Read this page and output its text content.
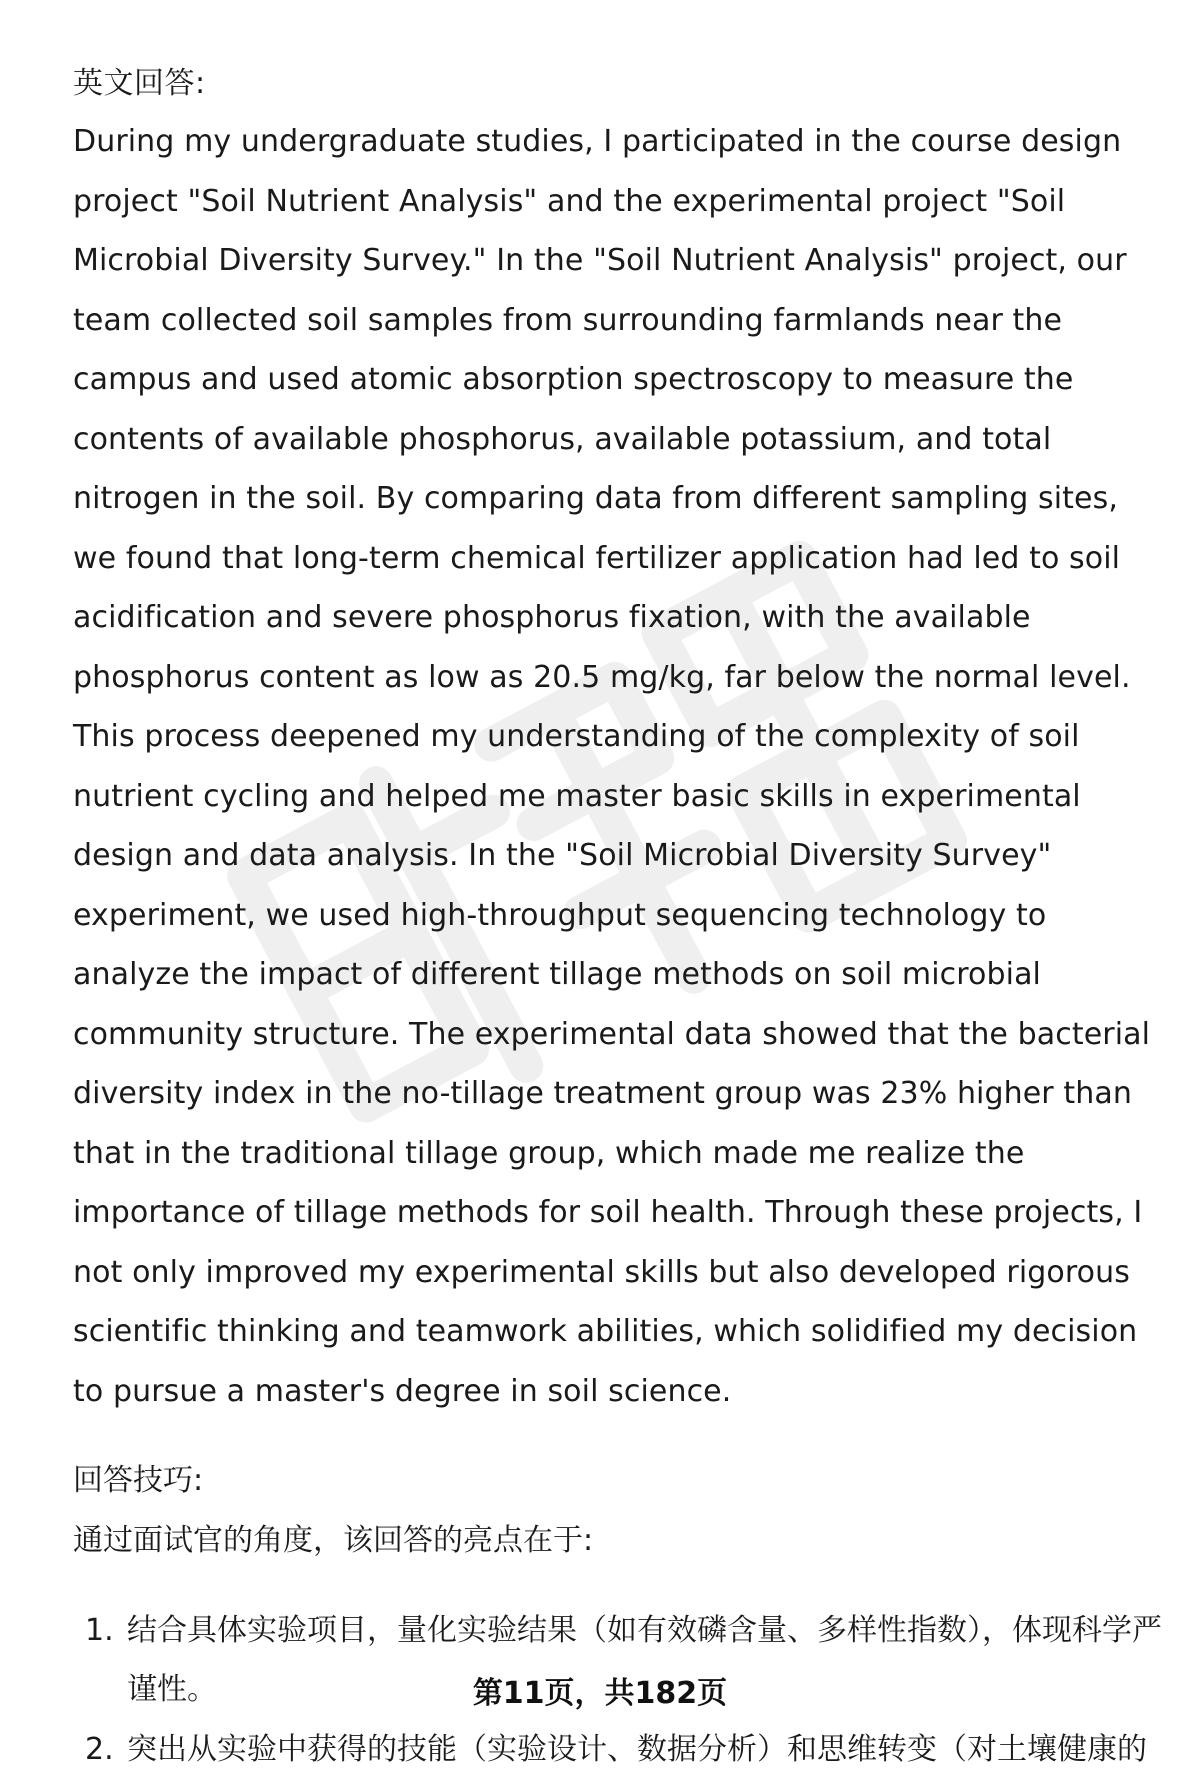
英文回答:

During my undergraduate studies, I participated in the course design project "Soil Nutrient Analysis" and the experimental project "Soil Microbial Diversity Survey." In the "Soil Nutrient Analysis" project, our team collected soil samples from surrounding farmlands near the campus and used atomic absorption spectroscopy to measure the contents of available phosphorus, available potassium, and total nitrogen in the soil. By comparing data from different sampling sites, we found that long-term chemical fertilizer application had led to soil acidification and severe phosphorus fixation, with the available phosphorus content as low as 20.5 mg/kg, far below the normal level. This process deepened my understanding of the complexity of soil nutrient cycling and helped me master basic skills in experimental design and data analysis. In the "Soil Microbial Diversity Survey" experiment, we used high-throughput sequencing technology to analyze the impact of different tillage methods on soil microbial community structure. The experimental data showed that the bacterial diversity index in the no-tillage treatment group was 23% higher than that in the traditional tillage group, which made me realize the importance of tillage methods for soil health. Through these projects, I not only improved my experimental skills but also developed rigorous scientific thinking and teamwork abilities, which solidified my decision to pursue a master's degree in soil science.

回答技巧:

通过面试官的角度，该回答的亮点在于:

1. 结合具体实验项目，量化实验结果（如有效磷含量、多样性指数），体现科学严谨性。
2. 突出从实验中获得的技能（实验设计、数据分析）和思维转变（对土壤健康的
第11页，共182页
